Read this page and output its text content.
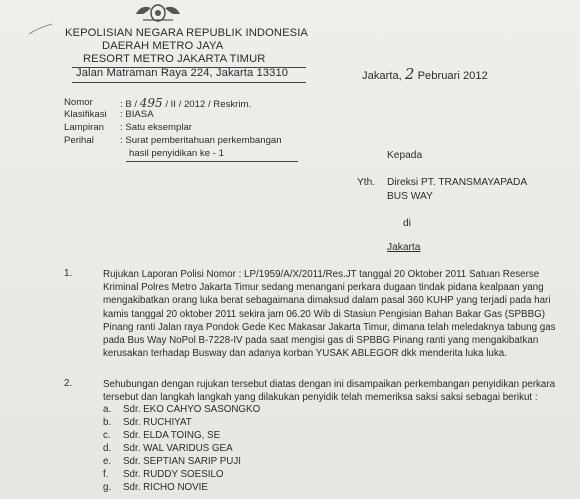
KEPOLISIAN NEGARA REPUBLIK INDONESIA
DAERAH METRO JAYA
RESORT METRO JAKARTA TIMUR
Jalan Matraman Raya 224, Jakarta 13310	Jakarta, 2 Pebruari 2012
Nomor	: B / 495 / II / 2012 / Reskrim.
Klasifikasi : BIASA
Lampiran : Satu eksemplar
Perihal	: Surat pemberitahuan perkembangan
hasil penyidikan ke - 1	Kepada
Yth. Direksi PT. TRANSMAYAPADA
BUS WAY
di
Jakarta
1.	Rujukan Laporan Polisi Nomor : LP/1959/A/X/2011/Res.JT tanggal 20 Oktober 2011 Satuan Reserse
Kriminal Polres Metro Jakarta Timur sedang menangani perkara dugaan tindak pidana kealpaan yang
mengakibatkan orang luka berat sebagaimana dimaksud dalam pasal 360 KUHP yang terjadi pada hari
kamis tanggal 20 oktober 2011 sekira jam 06.20 Wib di Stasiun Pengisian Bahan Bakar Gas (SPBBG)
Pinang ranti Jalan raya Pondok Gede Kec Makasar Jakarta Timur, dimana telah meledaknya tabung gas
pada Bus Way NoPol B-7228-IV pada saat mengisi gas di SPBBG Pinang ranti yang mengakibatkan
kerusakan terhadap Busway dan adanya korban YUSAK ABLEGOR dkk menderita luka luka.
2.	Sehubungan dengan rujukan tersebut diatas dengan ini disampaikan perkembangan penyidikan perkara
tersebut dan langkah langkah yang dilakukan penyidik telah memeriksa saksi saksi sebagai berikut :
a. Sdr. EKO CAHYO SASONGKO
b. Sdr. RUCHIYAT
c. Sdr. ELDA TOING, SE
d. Sdr. WAL VARIDUS GEA
e. Sdr. SEPTIAN SARIP PUJI
f. Sdr. RUDDY SOESILO
g. Sdr. RICHO NOVIE
